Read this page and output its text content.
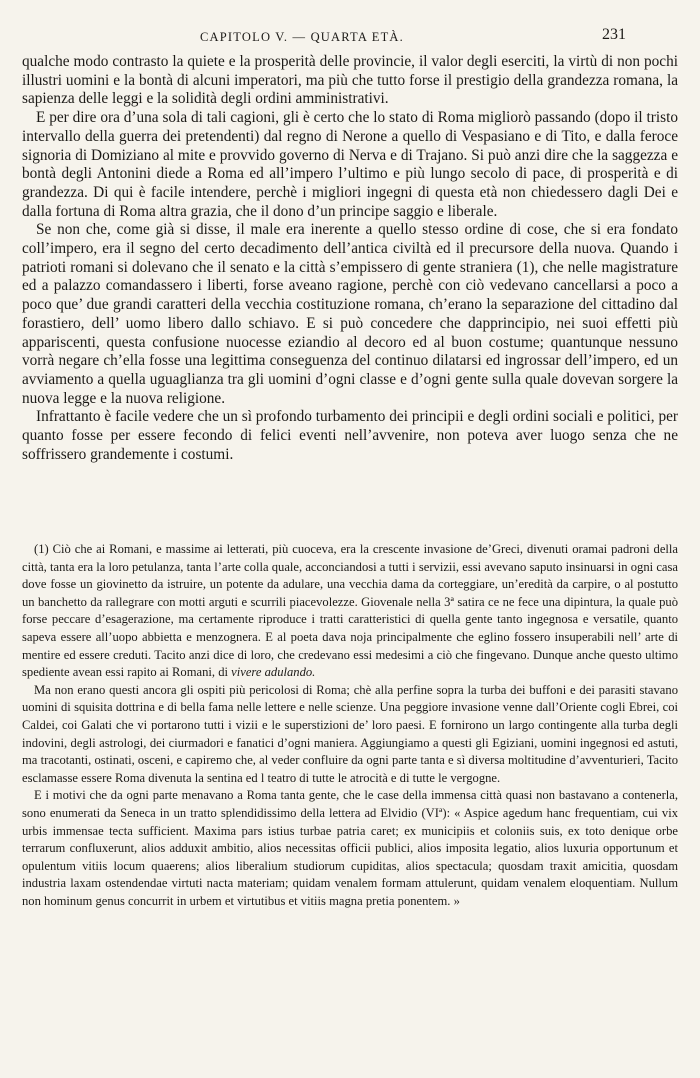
CAPITOLO V. — QUARTA ETÀ.	231

qualche modo contrasto la quiete e la prosperità delle provincie, il valor degli eserciti, la virtù di non pochi illustri uomini e la bontà di alcuni imperatori, ma più che tutto forse il prestigio della grandezza romana, la sapienza delle leggi e la solidità degli ordini amministrativi.

E per dire ora d’una sola di tali cagioni, gli è certo che lo stato di Roma migliorò passando (dopo il tristo intervallo della guerra dei pretendenti) dal regno di Nerone a quello di Vespasiano e di Tito, e dalla feroce signoria di Domiziano al mite e provvido governo di Nerva e di Trajano. Si può anzi dire che la saggezza e bontà degli Antonini diede a Roma ed all’impero l’ultimo e più lungo secolo di pace, di prosperità e di grandezza. Di qui è facile intendere, perchè i migliori ingegni di questa età non chiedessero dagli Dei e dalla fortuna di Roma altra grazia, che il dono d’un principe saggio e liberale.

Se non che, come già si disse, il male era inerente a quello stesso ordine di cose, che si era fondato coll’impero, era il segno del certo decadimento dell’antica civiltà ed il precursore della nuova. Quando i patrioti romani si dolevano che il senato e la città s’empissero di gente straniera (1), che nelle magistrature ed a palazzo comandassero i liberti, forse aveano ragione, perchè con ciò vedevano cancellarsi a poco a poco que’ due grandi caratteri della vecchia costituzione romana, ch’erano la separazione del cittadino dal forastiero, dell’ uomo libero dallo schiavo. E si può concedere che dapprincipio, nei suoi effetti più appariscenti, questa confusione nuocesse eziandio al decoro ed al buon costume; quantunque nessuno vorrà negare ch’ella fosse una legittima conseguenza del continuo dilatarsi ed ingrossar dell’impero, ed un avviamento a quella uguaglianza tra gli uomini d’ogni classe e d’ogni gente sulla quale dovevan sorgere la nuova legge e la nuova religione.

Infrattanto è facile vedere che un sì profondo turbamento dei principii e degli ordini sociali e politici, per quanto fosse per essere fecondo di felici eventi nell’avvenire, non poteva aver luogo senza che ne soffrissero grandemente i costumi.

(1) Ciò che ai Romani, e massime ai letterati, più cuoceva, era la crescente invasione de’Greci, divenuti oramai padroni della città, tanta era la loro petulanza, tanta l’arte colla quale, acconciandosi a tutti i servizii, essi avevano saputo insinuarsi in ogni casa dove fosse un giovinetto da istruire, un potente da adulare, una vecchia dama da corteggiare, un’eredità da carpire, o al postutto un banchetto da rallegrare con motti arguti e scurrili piacevolezze. Giovenale nella 3ª satira ce ne fece una dipintura, la quale può forse peccare d’esagerazione, ma certamente riproduce i tratti caratteristici di quella gente tanto ingegnosa e versatile, quanto sapeva essere all’uopo abbietta e menzognera. E al poeta dava noja principalmente che eglino fossero insuperabili nell’ arte di mentire ed essere creduti. Tacito anzi dice di loro, che credevano essi medesimi a ciò che fingevano. Dunque anche questo ultimo spediente avean essi rapito ai Romani, di vivere adulando.

Ma non erano questi ancora gli ospiti più pericolosi di Roma; chè alla perfine sopra la turba dei buffoni e dei parasiti stavano uomini di squisita dottrina e di bella fama nelle lettere e nelle scienze. Una peggiore invasione venne dall’Oriente cogli Ebrei, coi Caldei, coi Galati che vi portarono tutti i vizii e le superstizioni de’ loro paesi. E fornirono un largo contingente alla turba degli indovini, degli astrologi, dei ciurmadori e fanatici d’ogni maniera. Aggiungiamo a questi gli Egiziani, uomini ingegnosi ed astuti, ma tracotanti, ostinati, osceni, e capiremo che, al veder confluire da ogni parte tanta e sì diversa moltitudine d’avventurieri, Tacito esclamasse essere Roma divenuta la sentina ed l teatro di tutte le atrocità e di tutte le vergogne.

E i motivi che da ogni parte menavano a Roma tanta gente, che le case della immensa città quasi non bastavano a contenerla, sono enumerati da Seneca in un tratto splendidissimo della lettera ad Elvidio (VIª): « Aspice agedum hanc frequentiam, cui vix urbis immensae tecta sufficient. Maxima pars istius turbae patria caret; ex municipiis et coloniis suis, ex toto denique orbe terrarum confluxerunt, alios adduxit ambitio, alios necessitas officii publici, alios imposita legatio, alios luxuria opportunum et opulentum vitiis locum quaerens; alios liberalium studiorum cupiditas, alios spectacula; quosdam traxit amicitia, quosdam industria laxam ostendendae virtuti nacta materiam; quidam venalem formam attulerunt, quidam venalem eloquentiam. Nullum non hominum genus concurrit in urbem et virtutibus et vitiis magna pretia ponentem. »
